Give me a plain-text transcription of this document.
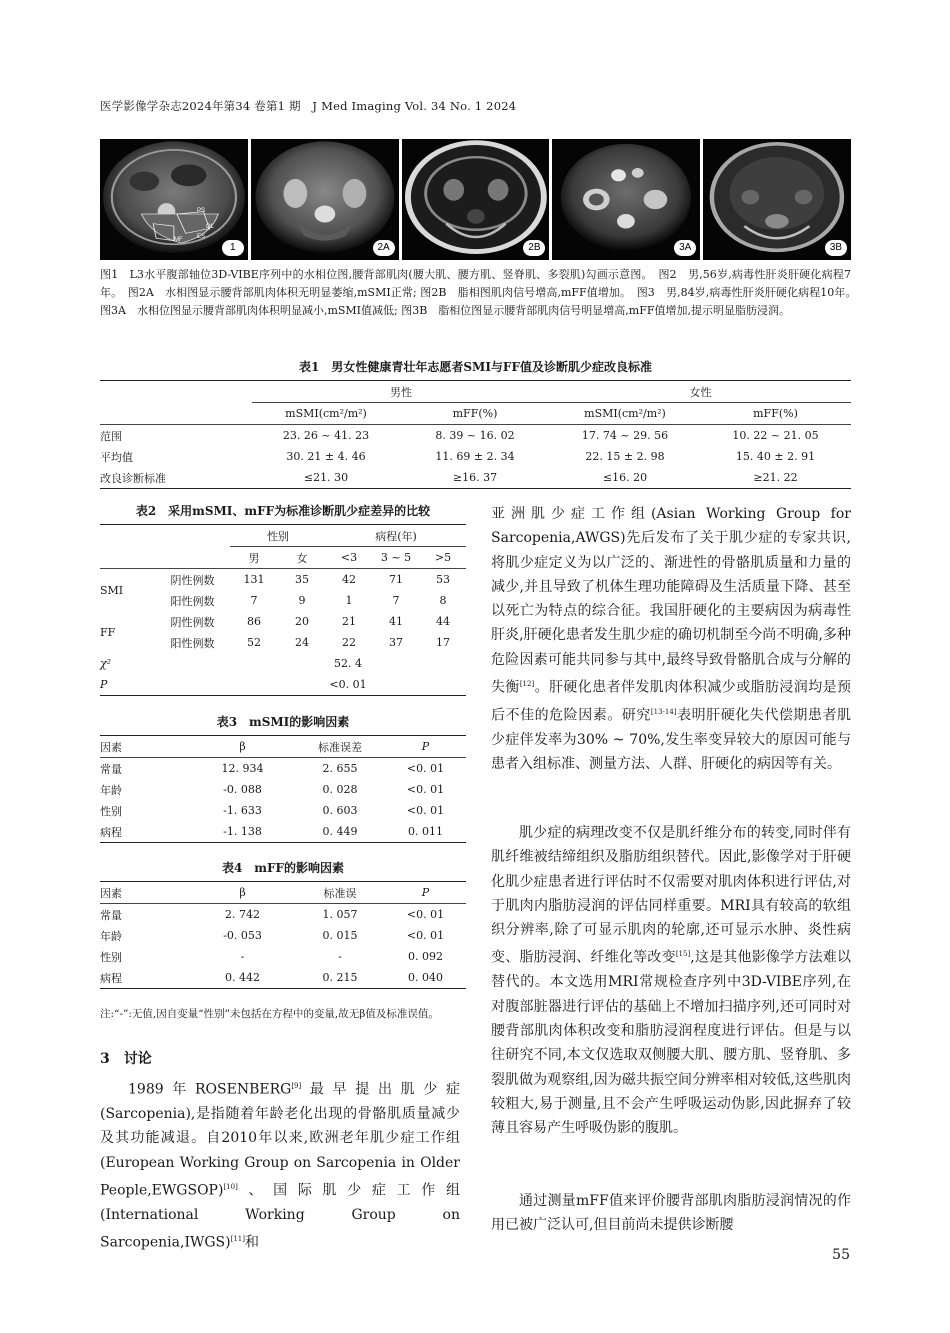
医学影像学杂志2024年第34 卷第1 期　J Med Imaging Vol. 34 No. 1 2024
PS
QL
ES
MF
1	2A	2B	3A	3B
图1　L3水平腹部轴位3D-VIBE序列中的水相位图,腰背部肌肉(腰大肌、腰方肌、竖脊肌、多裂肌)勾画示意图。　图2　男,56岁,病毒性肝炎肝硬化病程7年。　图2A　水相图显示腰背部肌肉体积无明显萎缩,mSMI正常; 图2B　脂相图肌肉信号增高,mFF值增加。　图3　男,84岁,病毒性肝炎肝硬化病程10年。　图3A　水相位图显示腰背部肌肉体积明显减小,mSMI值减低; 图3B　脂相位图显示腰背部肌肉信号明显增高,mFF值增加,提示明显脂肪浸润。
表1　男女性健康青壮年志愿者SMI与FF值及诊断肌少症改良标准
	男性		女性	
	mSMI(cm²/m²)	mFF(%)	mSMI(cm²/m²)	mFF(%)
范围	23. 26 ~ 41. 23	8. 39 ~ 16. 02	17. 74 ~ 29. 56	10. 22 ~ 21. 05
平均值	30. 21 ± 4. 46	11. 69 ± 2. 34	22. 15 ± 2. 98	15. 40 ± 2. 91
改良诊断标准	≤21. 30	≥16. 37	≤16. 20	≥21. 22
表2　采用mSMI、mFF为标准诊断肌少症差异的比较
		性别		病程(年)		
		男	女	<3	3 ~ 5	>5
SMI	阴性例数	131	35	42	71	53
	阳性例数	7	9	1	7	8
FF	阴性例数	86	20	21	41	44
	阳性例数	52	24	22	37	17
χ²		52. 4				
P		<0. 01				
表3　mSMI的影响因素
因素	β	标准误差	P
常量	12. 934	2. 655	<0. 01
年龄	-0. 088	0. 028	<0. 01
性别	-1. 633	0. 603	<0. 01
病程	-1. 138	0. 449	0. 011
表4　mFF的影响因素
因素	β	标准误	P
常量	2. 742	1. 057	<0. 01
年龄	-0. 053	0. 015	<0. 01
性别	-	-	0. 092
病程	0. 442	0. 215	0. 040
注:“-”:无值,因自变量“性别”未包括在方程中的变量,故无β值及标准误值。
3　讨论
1989年ROSENBERG[9]最早提出肌少症(Sarcopenia),是指随着年龄老化出现的骨骼肌质量减少及其功能减退。自2010年以来,欧洲老年肌少症工作组(European Working Group on Sarcopenia in Older People,EWGSOP)[10]、国际肌少症工作组(International Working Group on Sarcopenia,IWGS)[11]和
亚洲肌少症工作组(Asian Working Group for Sarcopenia,AWGS)先后发布了关于肌少症的专家共识,将肌少症定义为以广泛的、渐进性的骨骼肌质量和力量的减少,并且导致了机体生理功能障碍及生活质量下降、甚至以死亡为特点的综合征。我国肝硬化的主要病因为病毒性肝炎,肝硬化患者发生肌少症的确切机制至今尚不明确,多种危险因素可能共同参与其中,最终导致骨骼肌合成与分解的失衡[12]。肝硬化患者伴发肌肉体积减少或脂肪浸润均是预后不佳的危险因素。研究[13-14]表明肝硬化失代偿期患者肌少症伴发率为30% ~ 70%,发生率变异较大的原因可能与患者入组标准、测量方法、人群、肝硬化的病因等有关。
肌少症的病理改变不仅是肌纤维分布的转变,同时伴有肌纤维被结缔组织及脂肪组织替代。因此,影像学对于肝硬化肌少症患者进行评估时不仅需要对肌肉体积进行评估,对于肌肉内脂肪浸润的评估同样重要。MRI具有较高的软组织分辨率,除了可显示肌肉的轮廓,还可显示水肿、炎性病变、脂肪浸润、纤维化等改变[15],这是其他影像学方法难以替代的。本文选用MRI常规检查序列中3D-VIBE序列,在对腹部脏器进行评估的基础上不增加扫描序列,还可同时对腰背部肌肉体积改变和脂肪浸润程度进行评估。但是与以往研究不同,本文仅选取双侧腰大肌、腰方肌、竖脊肌、多裂肌做为观察组,因为磁共振空间分辨率相对较低,这些肌肉较粗大,易于测量,且不会产生呼吸运动伪影,因此摒弃了较薄且容易产生呼吸伪影的腹肌。
通过测量mFF值来评价腰背部肌肉脂肪浸润情况的作用已被广泛认可,但目前尚未提供诊断腰
55
